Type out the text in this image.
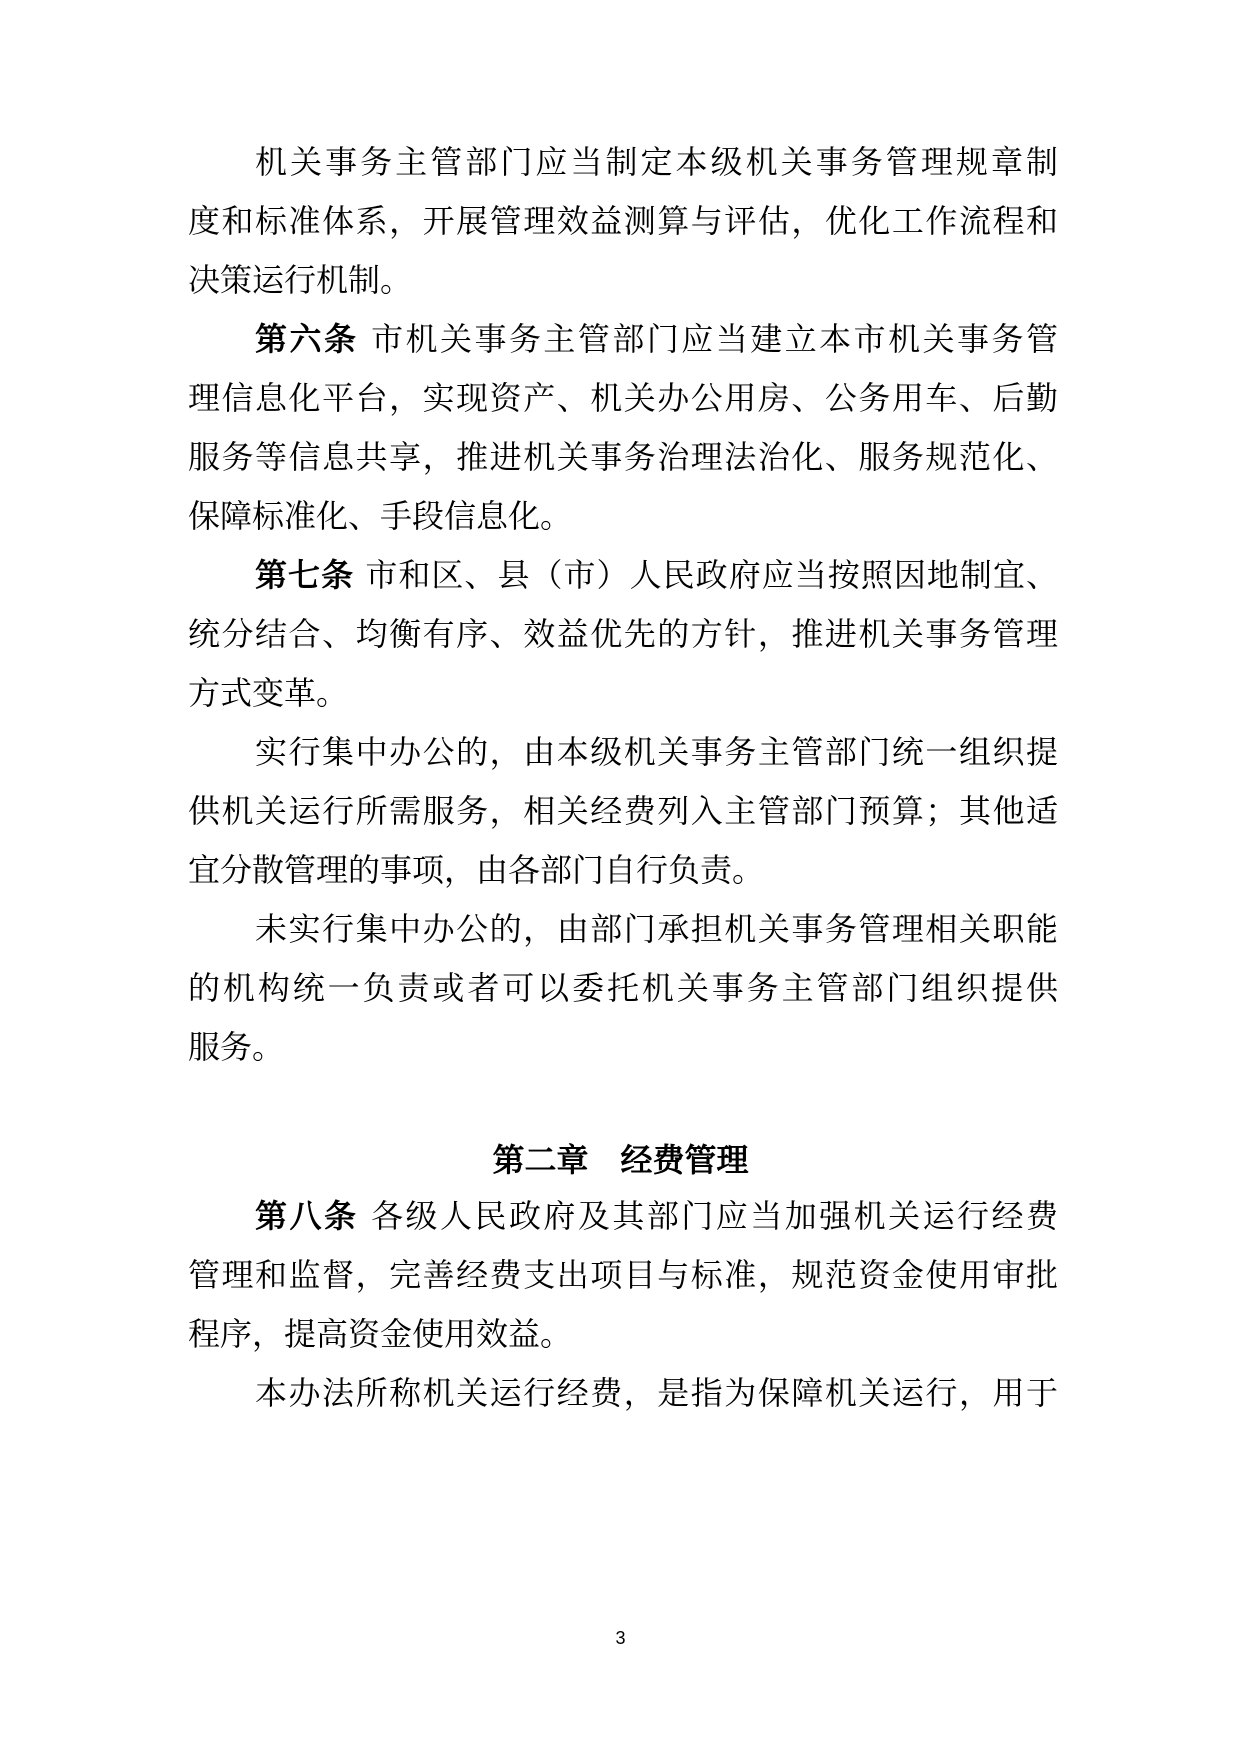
机关事务主管部门应当制定本级机关事务管理规章制
度和标准体系，开展管理效益测算与评估，优化工作流程和
决策运行机制。
第六条 市机关事务主管部门应当建立本市机关事务管
理信息化平台，实现资产、机关办公用房、公务用车、后勤
服务等信息共享，推进机关事务治理法治化、服务规范化、
保障标准化、手段信息化。
第七条 市和区、县（市）人民政府应当按照因地制宜、
统分结合、均衡有序、效益优先的方针，推进机关事务管理
方式变革。
实行集中办公的，由本级机关事务主管部门统一组织提
供机关运行所需服务，相关经费列入主管部门预算；其他适
宜分散管理的事项，由各部门自行负责。
未实行集中办公的，由部门承担机关事务管理相关职能
的机构统一负责或者可以委托机关事务主管部门组织提供
服务。
第二章　经费管理
第八条 各级人民政府及其部门应当加强机关运行经费
管理和监督，完善经费支出项目与标准，规范资金使用审批
程序，提高资金使用效益。
本办法所称机关运行经费，是指为保障机关运行，用于
3
